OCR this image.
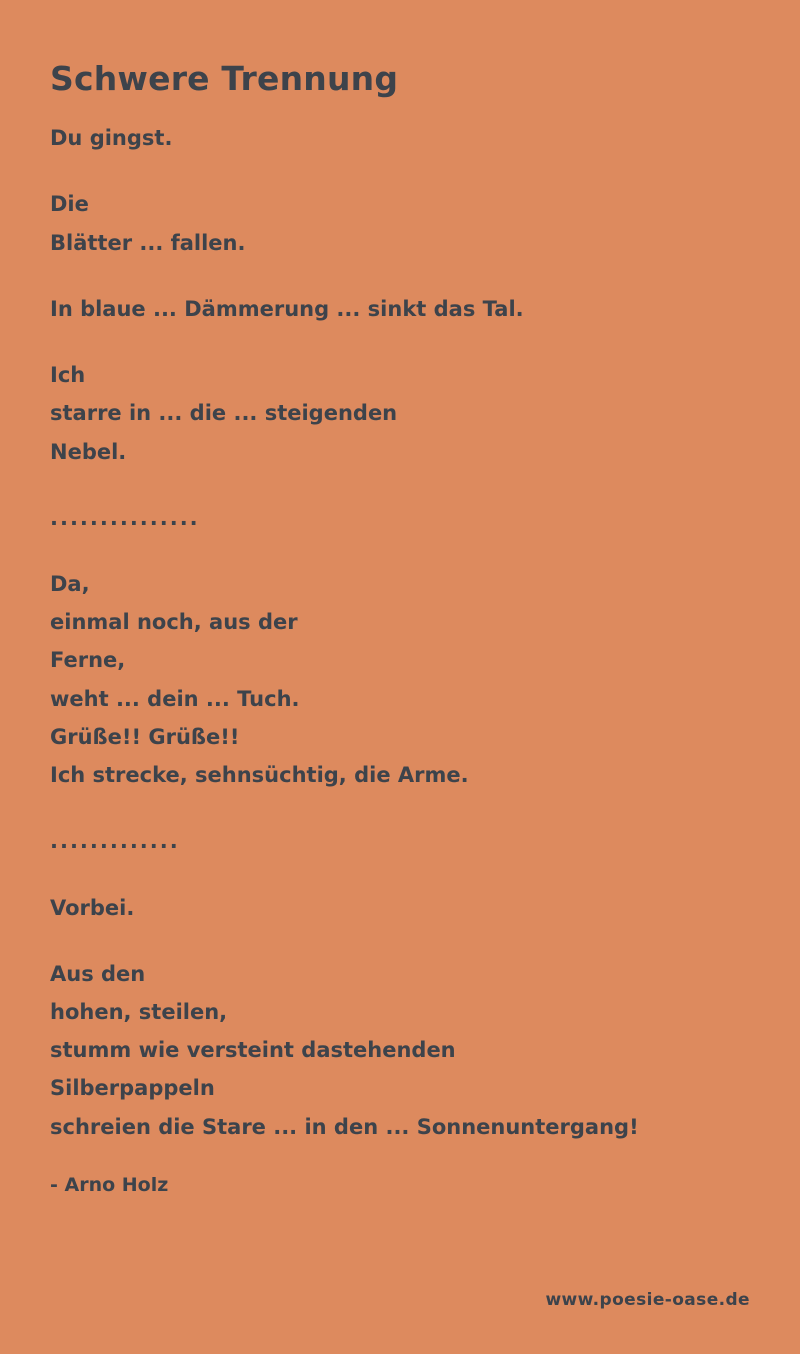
Schwere Trennung
Du gingst.
Die
Blätter ... fallen.
In blaue ... Dämmerung ... sinkt das Tal.
Ich
starre in ... die ... steigenden
Nebel.
...............
Da,
einmal noch, aus der
Ferne,
weht ... dein ... Tuch.
Grüße!! Grüße!!
Ich strecke, sehnsüchtig, die Arme.
.............
Vorbei.
Aus den
hohen, steilen,
stumm wie versteint dastehenden
Silberpappeln
schreien die Stare ... in den ... Sonnenuntergang!
- Arno Holz
www.poesie-oase.de
